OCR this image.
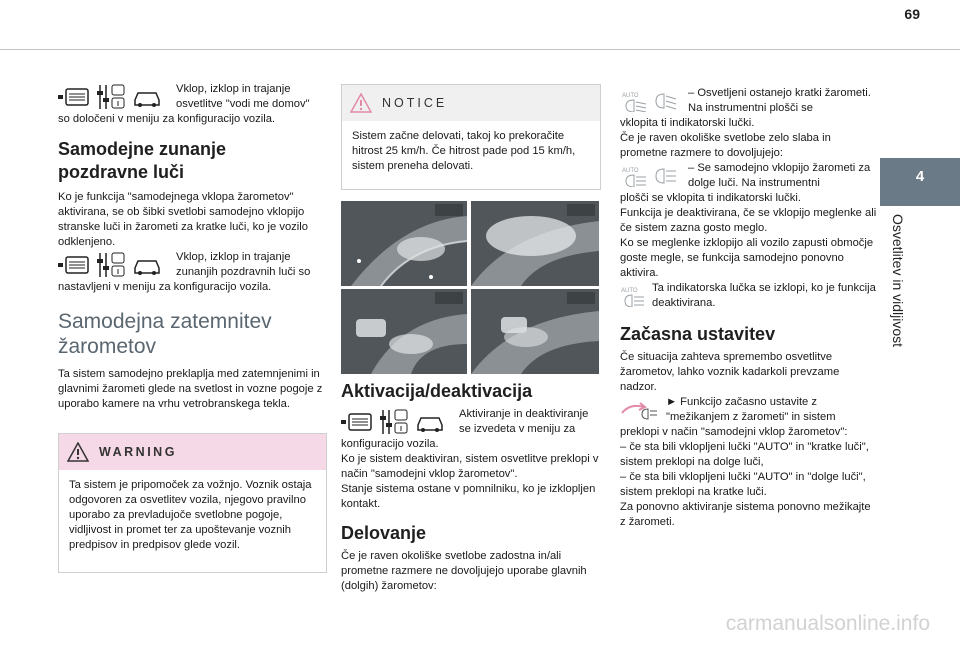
69
4
Osvetlitev in vidljivost

Vklop, izklop in trajanje osvetlitve "vodi me domov"

so določeni v meniju za konfiguracijo vozila.

Samodejne zunanje pozdravne luči

Ko je funkcija "samodejnega vklopa žarometov" aktivirana, se ob šibki svetlobi samodejno vklopijo stranske luči in žarometi za kratke luči, ko je vozilo odklenjeno.

Vklop, izklop in trajanje zunanjih pozdravnih luči so

nastavljeni v meniju za konfiguracijo vozila.

Samodejna zatemnitev žarometov

Ta sistem samodejno preklaplja med zatemnjenimi in glavnimi žarometi glede na svetlost in vozne pogoje z uporabo kamere na vrhu vetrobranskega tekla.

WARNING
Ta sistem je pripomoček za vožnjo. Voznik ostaja odgovoren za osvetlitev vozila, njegovo pravilno uporabo za prevladujoče svetlobne pogoje, vidljivost in promet ter za upoštevanje voznih predpisov in predpisov glede vozil.
NOTICE
Sistem začne delovati, takoj ko prekoračite hitrost 25 km/h. Če hitrost pade pod 15 km/h, sistem preneha delovati.
Aktivacija/deaktivacija

Aktiviranje in deaktiviranje se izvedeta v meniju za

konfiguracijo vozila.

Ko je sistem deaktiviran, sistem osvetlitve preklopi v način "samodejni vklop žarometov".

Stanje sistema ostane v pomnilniku, ko je izklopljen kontakt.

Delovanje

Če je raven okoliške svetlobe zadostna in/ali prometne razmere ne dovoljujejo uporabe glavnih (dolgih) žarometov:

AUTO	– Osvetljeni ostanejo kratki žarometi. Na instrumentni plošči se

vklopita ti indikatorski lučki.

Če je raven okoliške svetlobe zelo slaba in prometne razmere to dovoljujejo:

AUTO	– Se samodejno vklopijo žarometi za dolge luči. Na instrumentni

plošči se vklopita ti indikatorski lučki.

Funkcija je deaktivirana, če se vklopijo meglenke ali če sistem zazna gosto meglo.

Ko se meglenke izklopijo ali vozilo zapusti območje goste megle, se funkcija samodejno ponovno aktivira.

AUTO Ta indikatorska lučka se izklopi, ko je funkcija deaktivirana.

Začasna ustavitev

Če situacija zahteva spremembo osvetlitve žarometov, lahko voznik kadarkoli prevzame nadzor.

► Funkcijo začasno ustavite z "mežikanjem z žarometi" in sistem

preklopi v način "samodejni vklop žarometov":

– če sta bili vklopljeni lučki "AUTO" in "kratke luči", sistem preklopi na dolge luči,

– če sta bili vklopljeni lučki "AUTO" in "dolge luči", sistem preklopi na kratke luči.

Za ponovno aktiviranje sistema ponovno mežikajte z žarometi.

carmanualsonline.info
